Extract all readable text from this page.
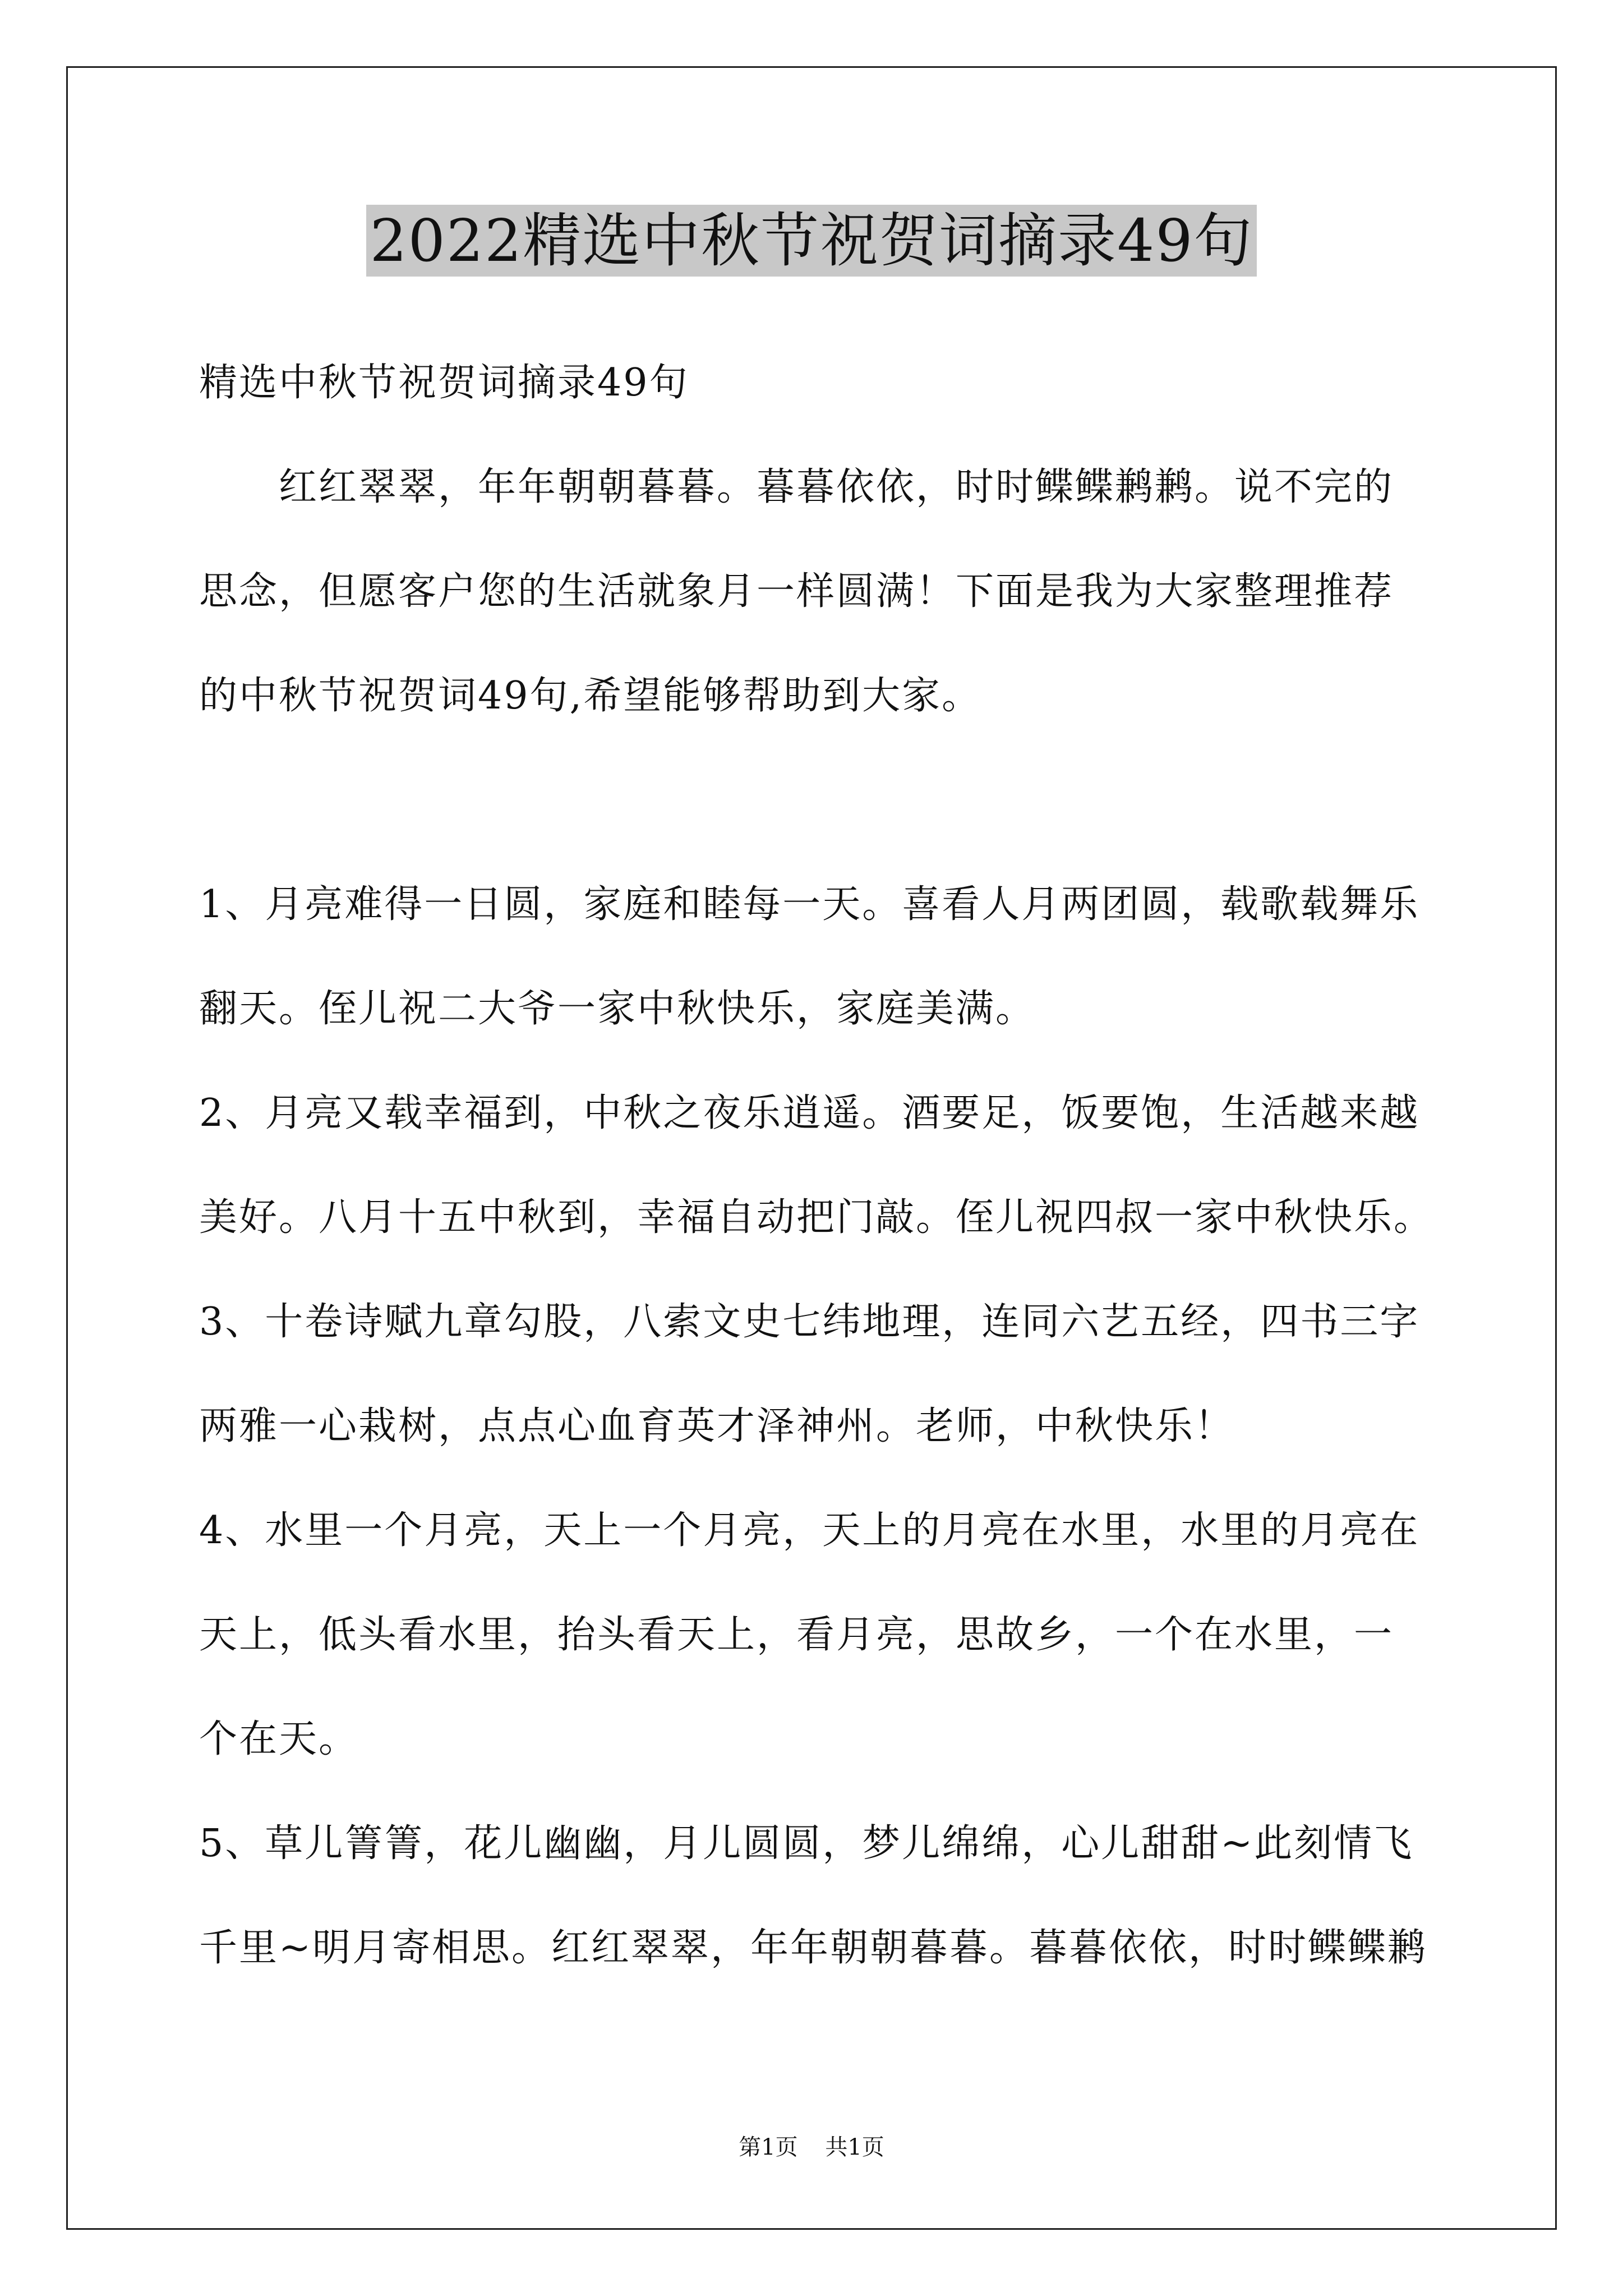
2022精选中秋节祝贺词摘录49句
精选中秋节祝贺词摘录49句
　　红红翠翠，年年朝朝暮暮。暮暮依依，时时鲽鲽鹣鹣。说不完的
思念，但愿客户您的生活就象月一样圆满！下面是我为大家整理推荐
的中秋节祝贺词49句,希望能够帮助到大家。
1、月亮难得一日圆，家庭和睦每一天。喜看人月两团圆，载歌载舞乐
翻天。侄儿祝二大爷一家中秋快乐，家庭美满。
2、月亮又载幸福到，中秋之夜乐逍遥。酒要足，饭要饱，生活越来越
美好。八月十五中秋到，幸福自动把门敲。侄儿祝四叔一家中秋快乐。
3、十卷诗赋九章勾股，八索文史七纬地理，连同六艺五经，四书三字
两雅一心栽树，点点心血育英才泽神州。老师，中秋快乐！
4、水里一个月亮，天上一个月亮，天上的月亮在水里，水里的月亮在
天上，低头看水里，抬头看天上，看月亮，思故乡，一个在水里，一
个在天。
5、草儿箐箐，花儿幽幽，月儿圆圆，梦儿绵绵，心儿甜甜~此刻情飞
千里~明月寄相思。红红翠翠，年年朝朝暮暮。暮暮依依，时时鲽鲽鹣
第1页 共1页
